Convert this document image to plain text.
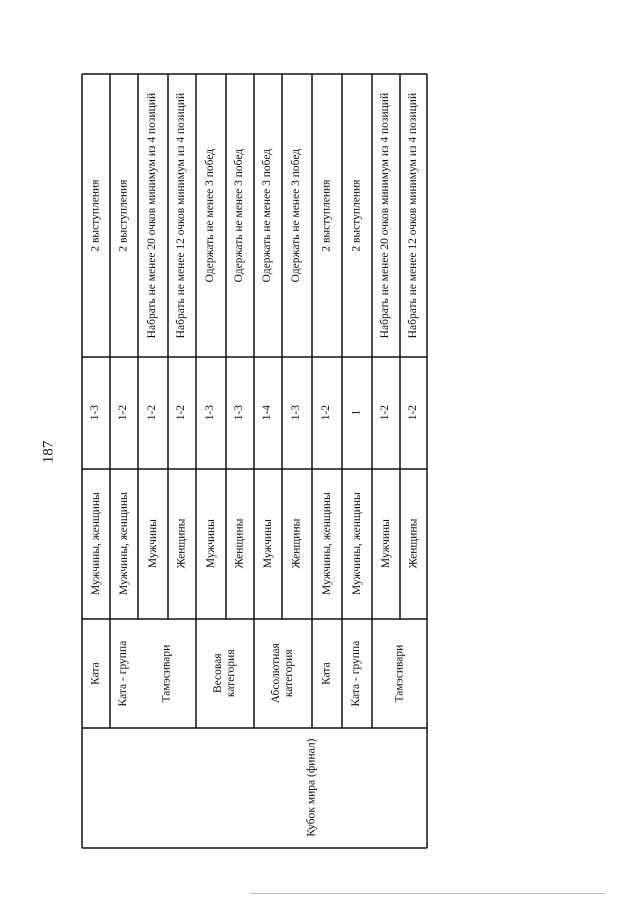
187
Кубок мира (финал)
Ката
Мужчины, женщины
1-3
2 выступления
Ката - группа
Мужчины, женщины
1-2
2 выступления
Тамэсивари
Мужчины
1-2
Набрать не менее 20 очков минимум из 4 позиций
Женщины
1-2
Набрать не менее 12 очков минимум из 4 позиций
Весовая категория
Мужчины
1-3
Одержать не менее 3 побед
Женщины
1-3
Одержать не менее 3 побед
Абсолютная категория
Мужчины
1-4
Одержать не менее 3 побед
Женщины
1-3
Одержать не менее 3 побед
Ката
Мужчины, женщины
1-2
2 выступления
Ката - группа
Мужчины, женщины
1
2 выступления
Тамэсивари
Мужчины
1-2
Набрать не менее 20 очков минимум из 4 позиций
Женщины
1-2
Набрать не менее 12 очков минимум из 4 позиций
